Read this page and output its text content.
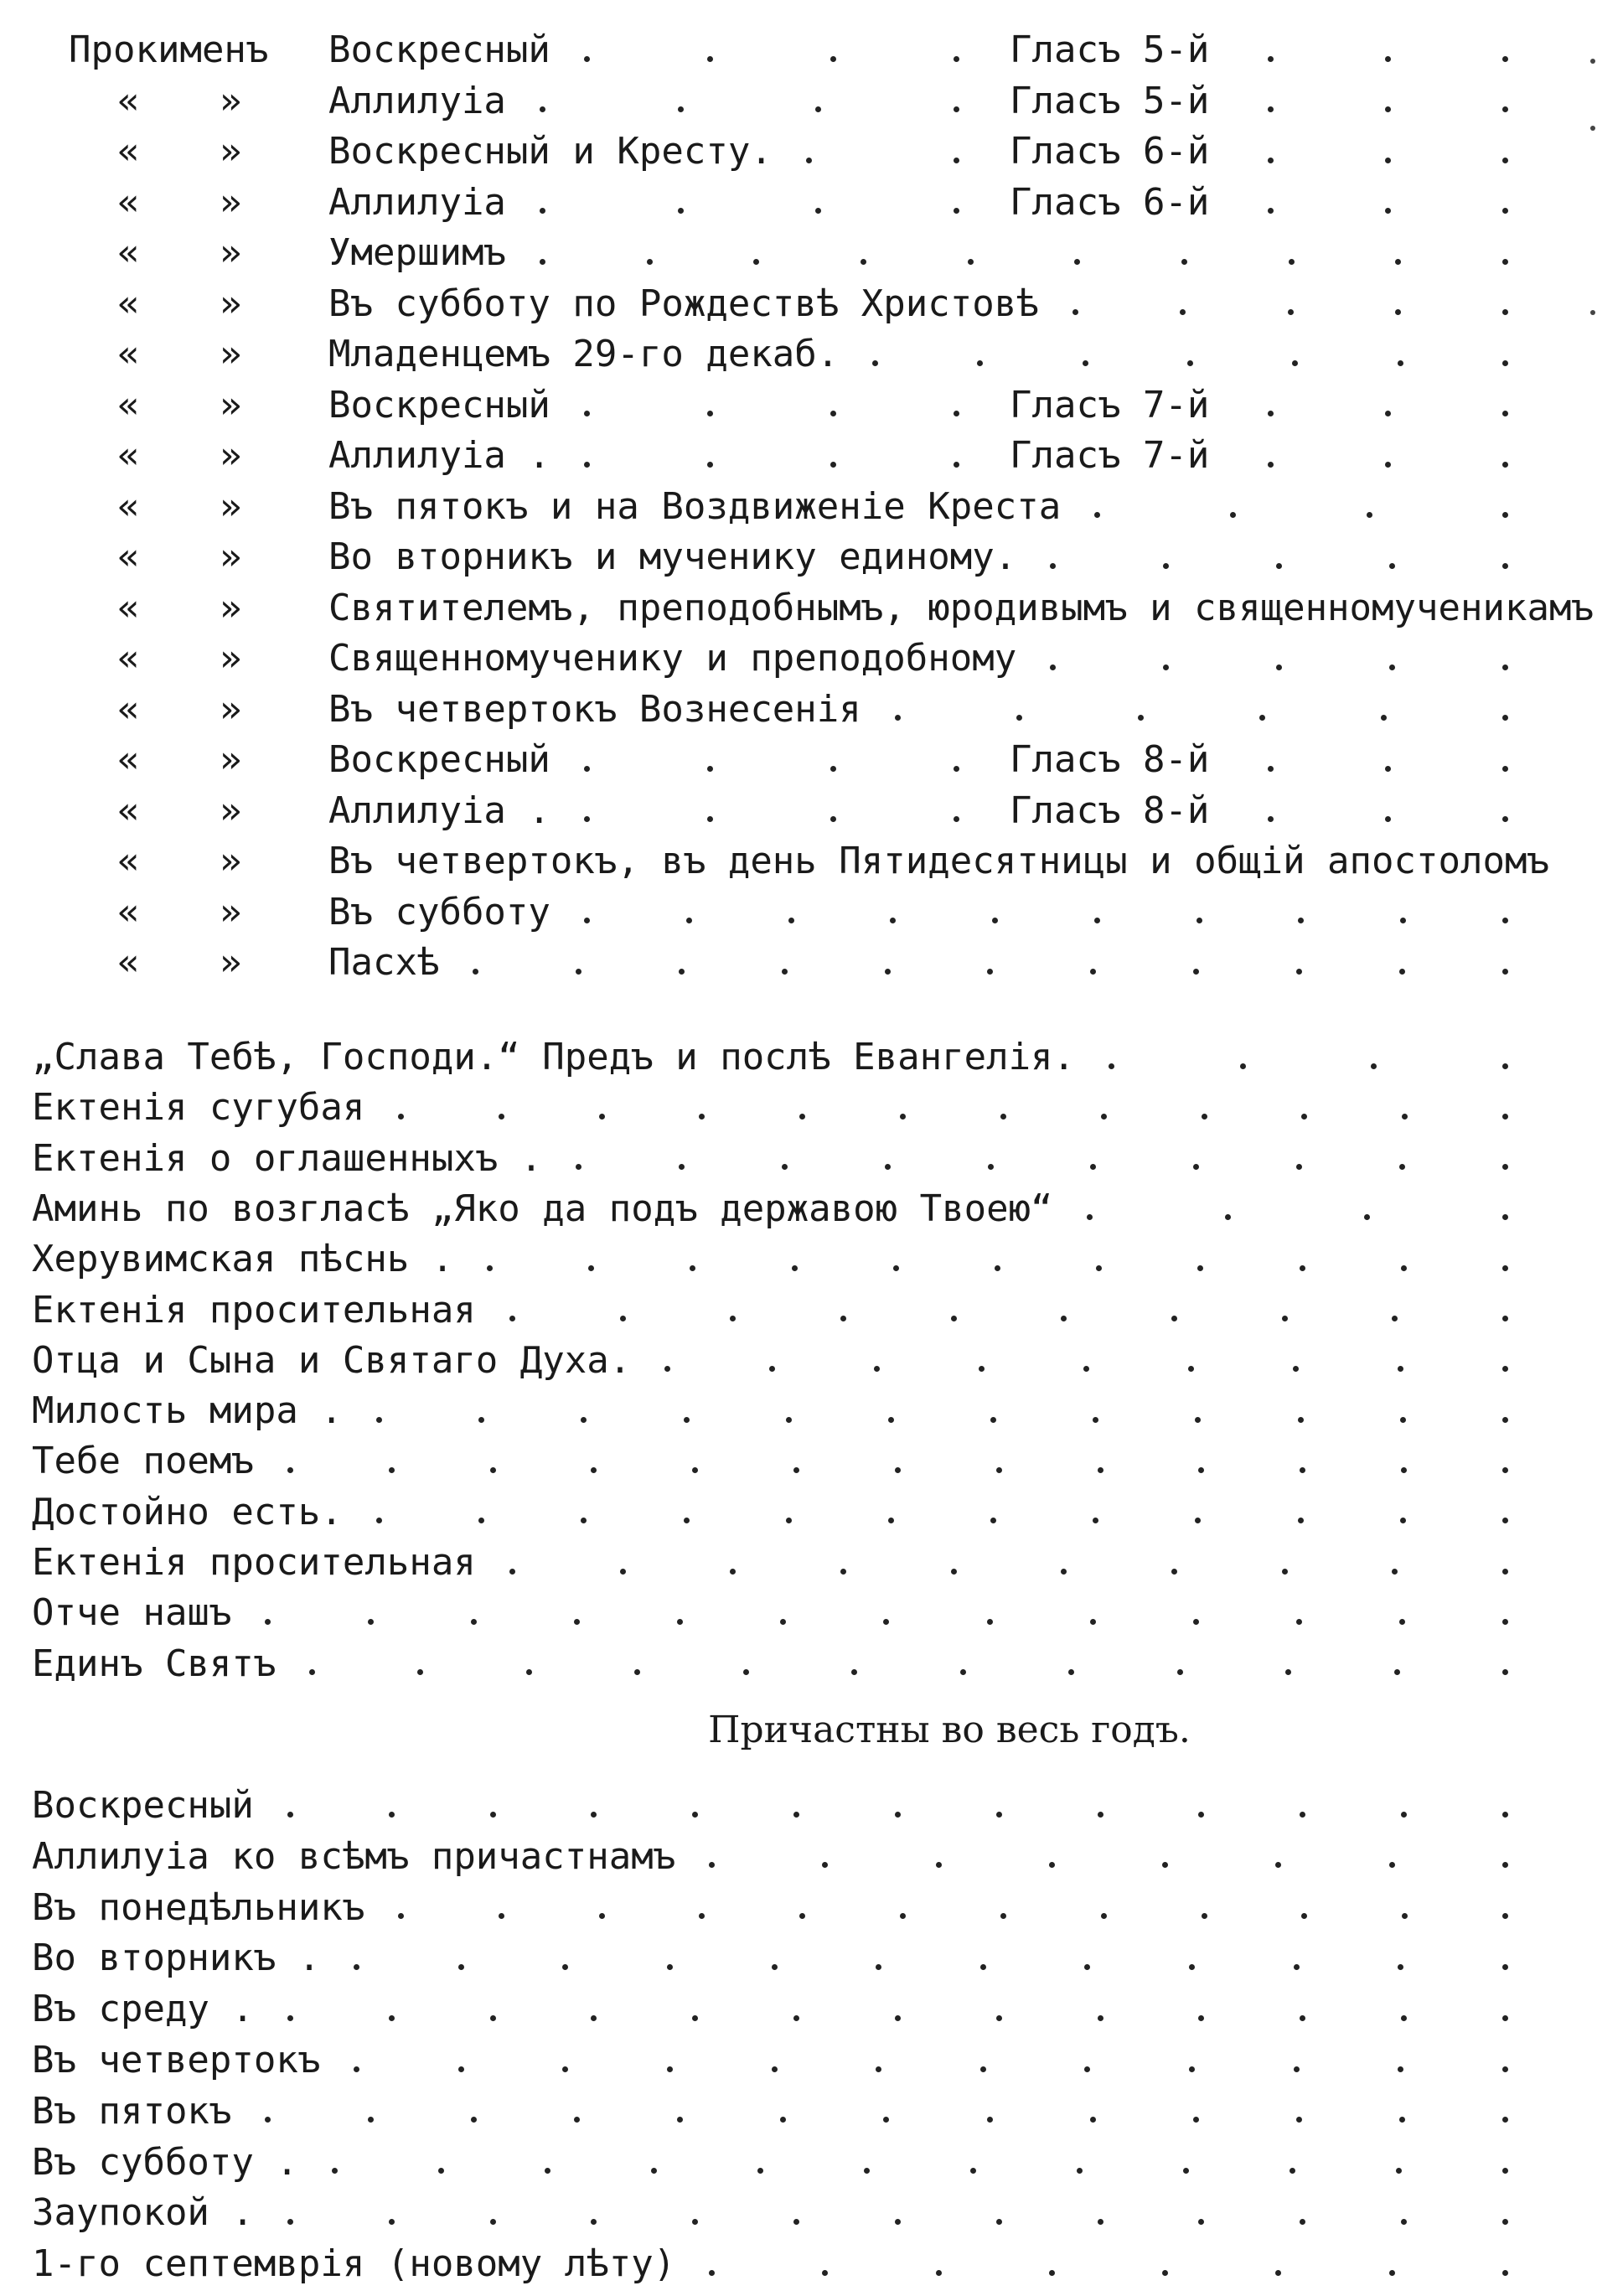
Прокименъ Воскресный	Гласъ 5-й
« » Аллилуіа	Гласъ 5-й
« » Воскресный и Кресту.	Гласъ 6-й
« » Аллилуіа	Гласъ 6-й
« » Умершимъ
« » Въ субботу по Рождествѣ Христовѣ
« » Младенцемъ 29-го декаб.
« » Воскресный	Гласъ 7-й
« » Аллилуіа .	Гласъ 7-й
« » Въ пятокъ и на Воздвиженіе Креста
« » Во вторникъ и мученику единому.
« » Святителемъ, преподобнымъ, юродивымъ и священномученикамъ
« » Священномученику и преподобному
« » Въ четвертокъ Вознесенія
« » Воскресный	Гласъ 8-й
« » Аллилуіа .	Гласъ 8-й
« » Въ четвертокъ, въ день Пятидесятницы и общій апостоломъ
« » Въ субботу
« » Пасхѣ
„Слава Тебѣ, Господи.“ Предъ и послѣ Евангелія.
Ектенія сугубая
Ектенія о оглашенныхъ .
Аминь по возгласѣ „Яко да подъ державою Твоею“
Херувимская пѣснь .
Ектенія просительная
Отца и Сына и Святаго Духа.
Милость мира .
Тебе поемъ
Достойно есть.
Ектенія просительная
Отче нашъ
Единъ Святъ
Причастны во весь годъ.
Воскресный
Аллилуіа ко всѣмъ причастнамъ
Въ понедѣльникъ
Во вторникъ .
Въ среду .
Въ четвертокъ
Въ пятокъ
Въ субботу .
Заупокой .
1-го септемврія (новому лѣту)
